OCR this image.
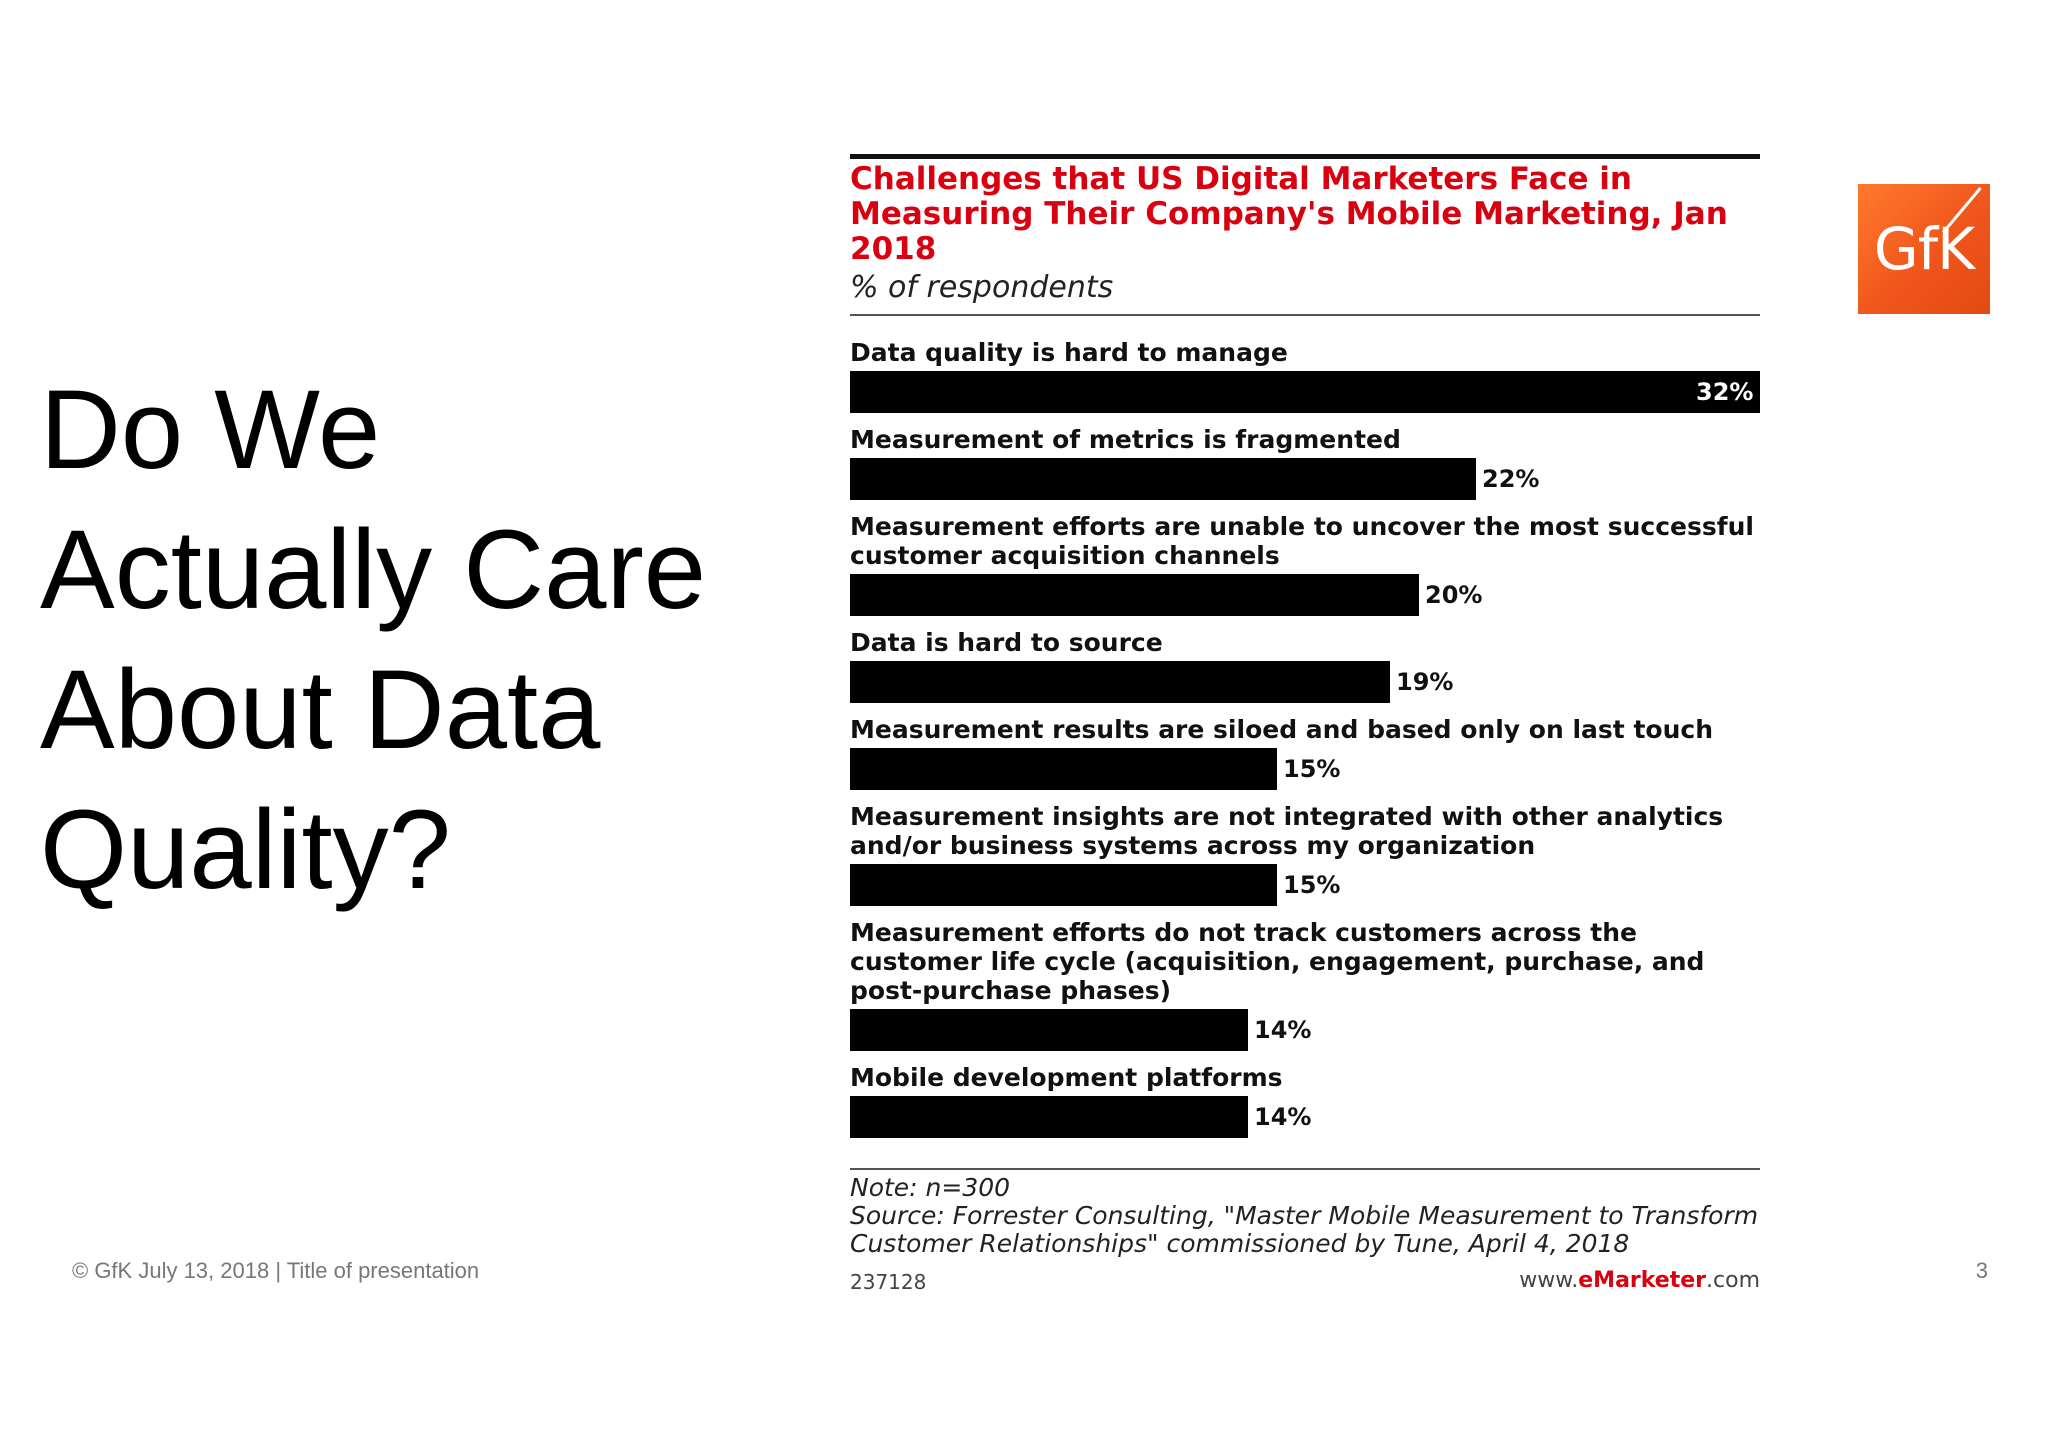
Do We Actually Care About Data Quality?
GfK
Challenges that US Digital Marketers Face in Measuring Their Company's Mobile Marketing, Jan 2018
% of respondents
Data quality is hard to manage
32%
Measurement of metrics is fragmented
22%
Measurement efforts are unable to uncover the most successful
customer acquisition channels
20%
Data is hard to source
19%
Measurement results are siloed and based only on last touch
15%
Measurement insights are not integrated with other analytics
and/or business systems across my organization
15%
Measurement efforts do not track customers across the
customer life cycle (acquisition, engagement, purchase, and
post-purchase phases)
14%
Mobile development platforms
14%
Note: n=300
Source: Forrester Consulting, "Master Mobile Measurement to Transform
Customer Relationships" commissioned by Tune, April 4, 2018
237128	www.eMarketer.com
© GfK July 13, 2018 | Title of presentation	3
